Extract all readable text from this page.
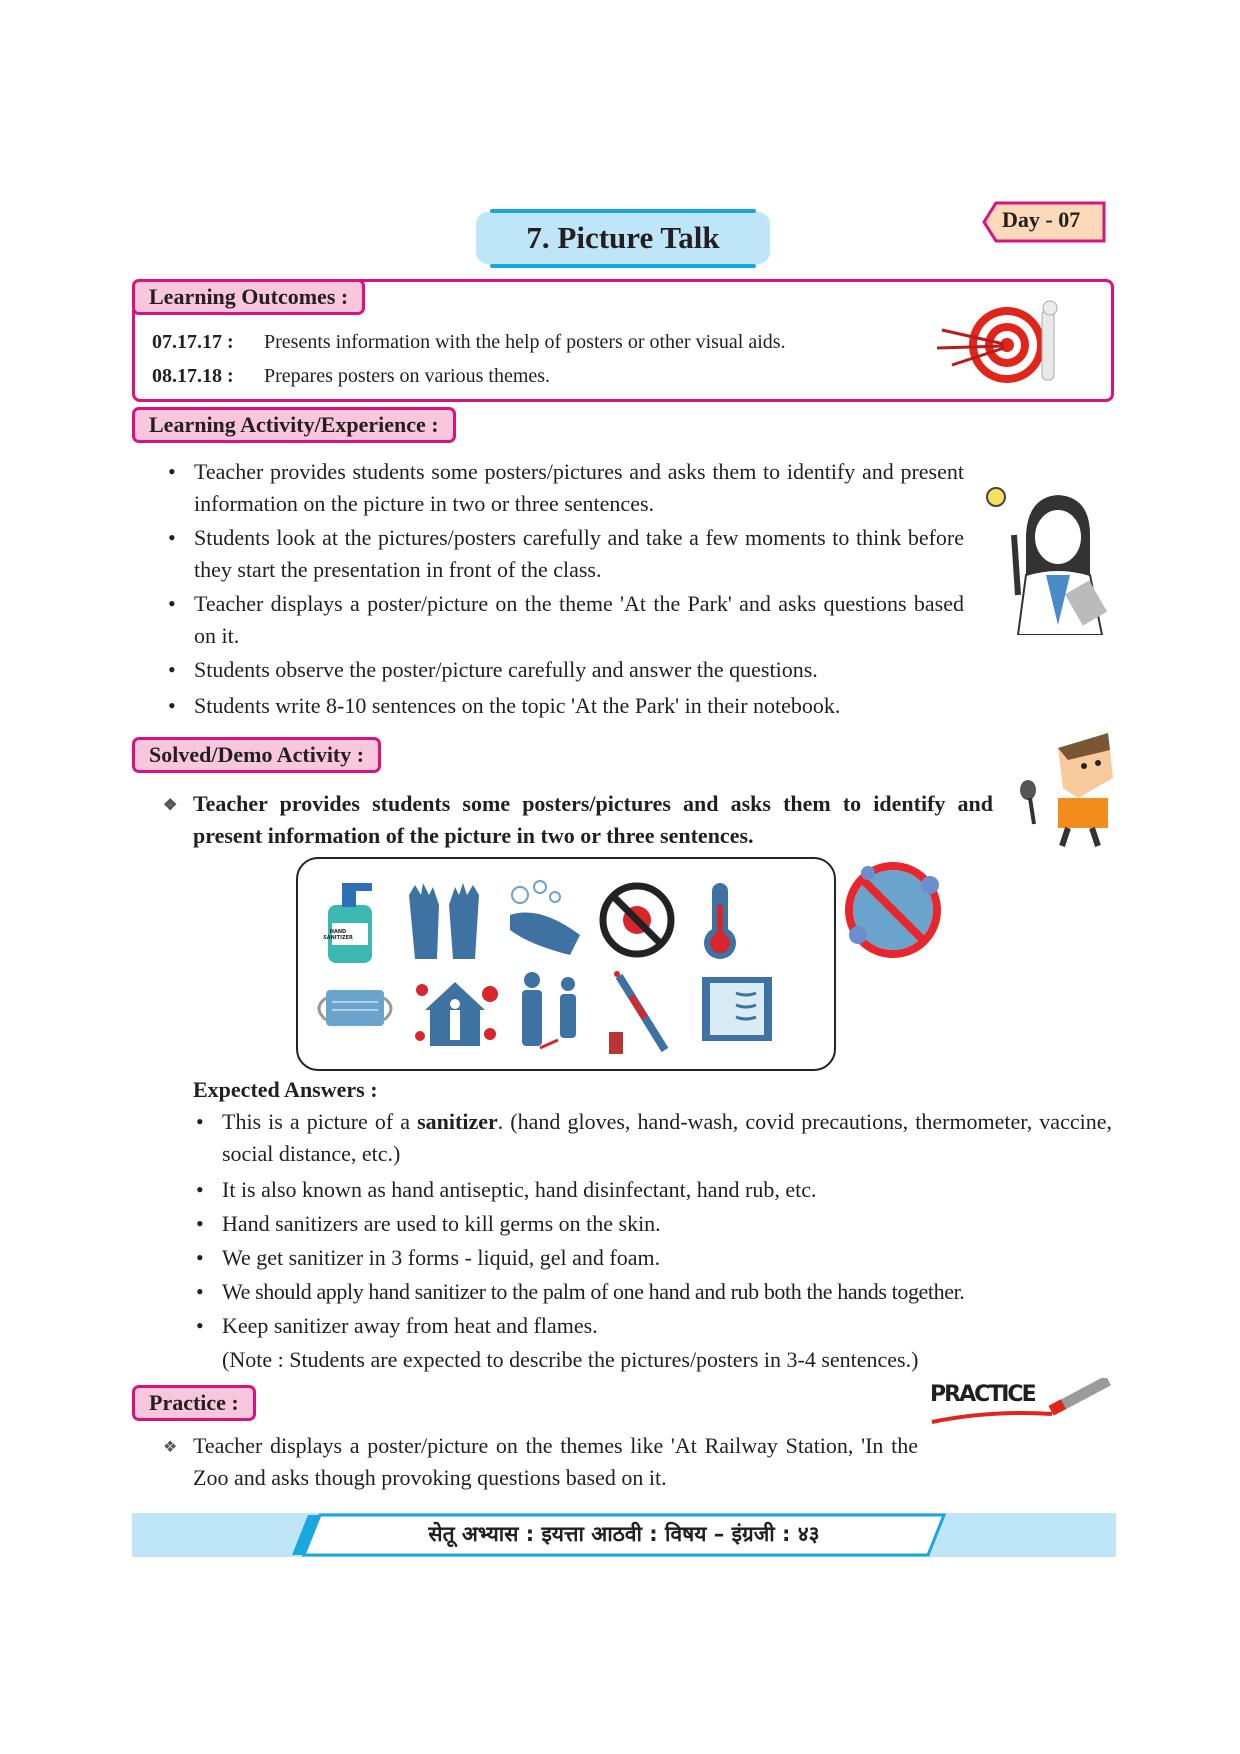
7. Picture Talk
Day - 07
Learning Outcomes :
07.17.17 : Presents information with the help of posters or other visual aids.
08.17.18 : Prepares posters on various themes.
Learning Activity/Experience :
• Teacher provides students some posters/pictures and asks them to identify and present information on the picture in two or three sentences.
• Students look at the pictures/posters carefully and take a few moments to think before they start the presentation in front of the class.
• Teacher displays a poster/picture on the theme 'At the Park' and asks questions based on it.
• Students observe the poster/picture carefully and answer the questions.
• Students write 8-10 sentences on the topic 'At the Park' in their notebook.
Solved/Demo Activity :
❖ Teacher provides students some posters/pictures and asks them to identify and present information of the picture in two or three sentences.
HAND SANITIZER
Expected Answers :
• This is a picture of a sanitizer. (hand gloves, hand-wash, covid precautions, thermometer, vaccine, social distance, etc.)
• It is also known as hand antiseptic, hand disinfectant, hand rub, etc.
• Hand sanitizers are used to kill germs on the skin.
• We get sanitizer in 3 forms - liquid, gel and foam.
• We should apply hand sanitizer to the palm of one hand and rub both the hands together.
• Keep sanitizer away from heat and flames.
(Note : Students are expected to describe the pictures/posters in 3-4 sentences.)
Practice :	PRACTICE
❖ Teacher displays a poster/picture on the themes like 'At Railway Station, 'In the Zoo and asks though provoking questions based on it.
सेतू अभ्यास : इयत्ता आठवी : विषय – इंग्रजी : ४३
